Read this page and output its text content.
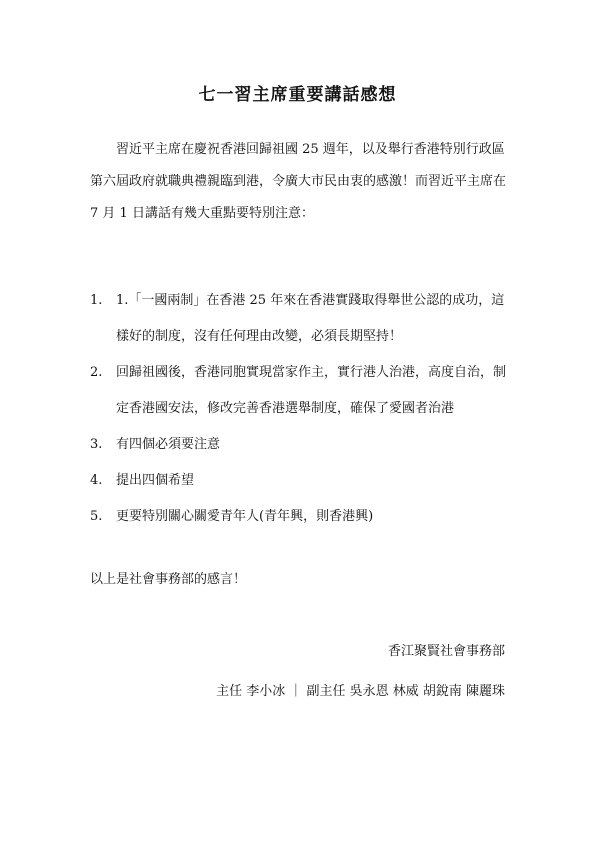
七一習主席重要講話感想

習近平主席在慶祝香港回歸祖國 25 週年，以及舉行香港特別行政區第六屆政府就職典禮親臨到港，令廣大市民由衷的感激！而習近平主席在 7 月 1 日講話有幾大重點要特別注意：

1. 1.「一國兩制」在香港 25 年來在香港實踐取得舉世公認的成功，這樣好的制度，沒有任何理由改變，必須長期堅持！
2. 回歸祖國後，香港同胞實現當家作主，實行港人治港，高度自治，制定香港國安法，修改完善香港選舉制度，確保了愛國者治港
3. 有四個必須要注意
4. 提出四個希望
5. 更要特別關心關愛青年人(青年興，則香港興)
以上是社會事務部的感言！
香江聚賢社會事務部
主任 李小冰 ｜ 副主任 吳永恩 林威 胡銳南 陳麗珠
